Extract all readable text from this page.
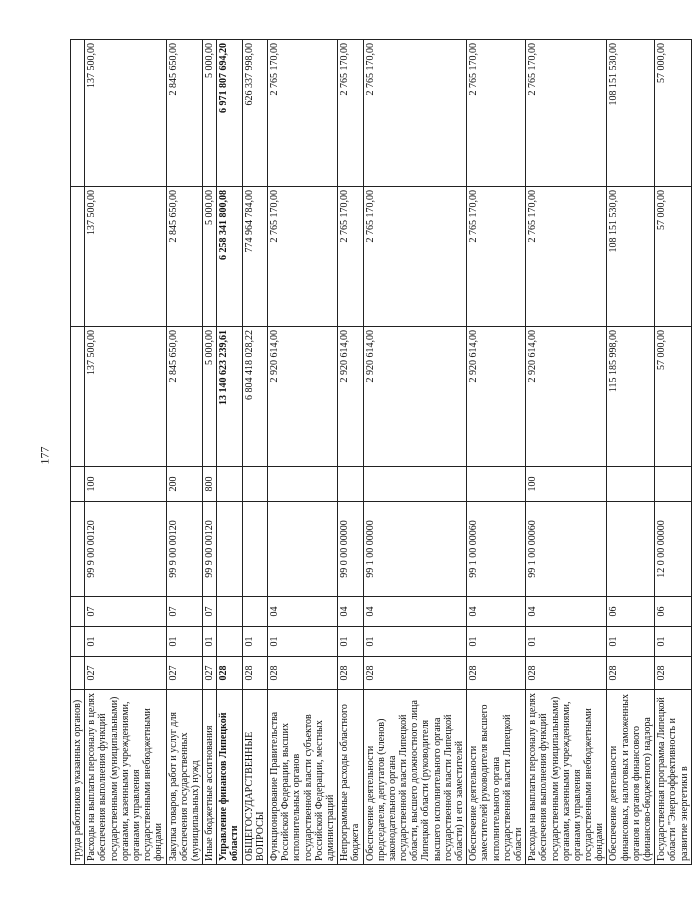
177
труда работников указанных органов)								
Расходы на выплаты персоналу в целях обеспечения выполнения функций государственными (муниципальными) органами, казенными учреждениями, органами управления государственными внебюджетными фондами	027	01	07	99 9 00 00120	100	137 500,00	137 500,00	137 500,00
Закупка товаров, работ и услуг для обеспечения государственных (муниципальных) нужд	027	01	07	99 9 00 00120	200	2 845 650,00	2 845 650,00	2 845 650,00
Иные бюджетные ассигнования	027	01	07	99 9 00 00120	800	5 000,00	5 000,00	5 000,00
Управление финансов Липецкой области	028					13 140 623 239,61	6 258 341 800,08	6 971 807 694,20
ОБЩЕГОСУДАРСТВЕННЫЕ ВОПРОСЫ	028	01				6 804 418 028,22	774 964 784,00	626 337 998,00
Функционирование Правительства Российской Федерации, высших исполнительных органов государственной власти субъектов Российской Федерации, местных администраций	028	01	04			2 920 614,00	2 765 170,00	2 765 170,00
Непрограммные расходы областного бюджета	028	01	04	99 0 00 00000		2 920 614,00	2 765 170,00	2 765 170,00
Обеспечение деятельности председателя, депутатов (членов) законодательного органа государственной власти Липецкой области, высшего должностного лица Липецкой области (руководителя высшего исполнительного органа государственной власти Липецкой области) и его заместителей	028	01	04	99 1 00 00000		2 920 614,00	2 765 170,00	2 765 170,00
Обеспечение деятельности заместителей руководителя высшего исполнительного органа государственной власти Липецкой области	028	01	04	99 1 00 00060		2 920 614,00	2 765 170,00	2 765 170,00
Расходы на выплаты персоналу в целях обеспечения выполнения функций государственными (муниципальными) органами, казенными учреждениями, органами управления государственными внебюджетными фондами	028	01	04	99 1 00 00060	100	2 920 614,00	2 765 170,00	2 765 170,00
Обеспечение деятельности финансовых, налоговых и таможенных органов и органов финансового (финансово-бюджетного) надзора	028	01	06			115 185 998,00	108 151 530,00	108 151 530,00
Государственная программа Липецкой области "Энергоэффективность и развитие энергетики в	028	01	06	12 0 00 00000		57 000,00	57 000,00	57 000,00
